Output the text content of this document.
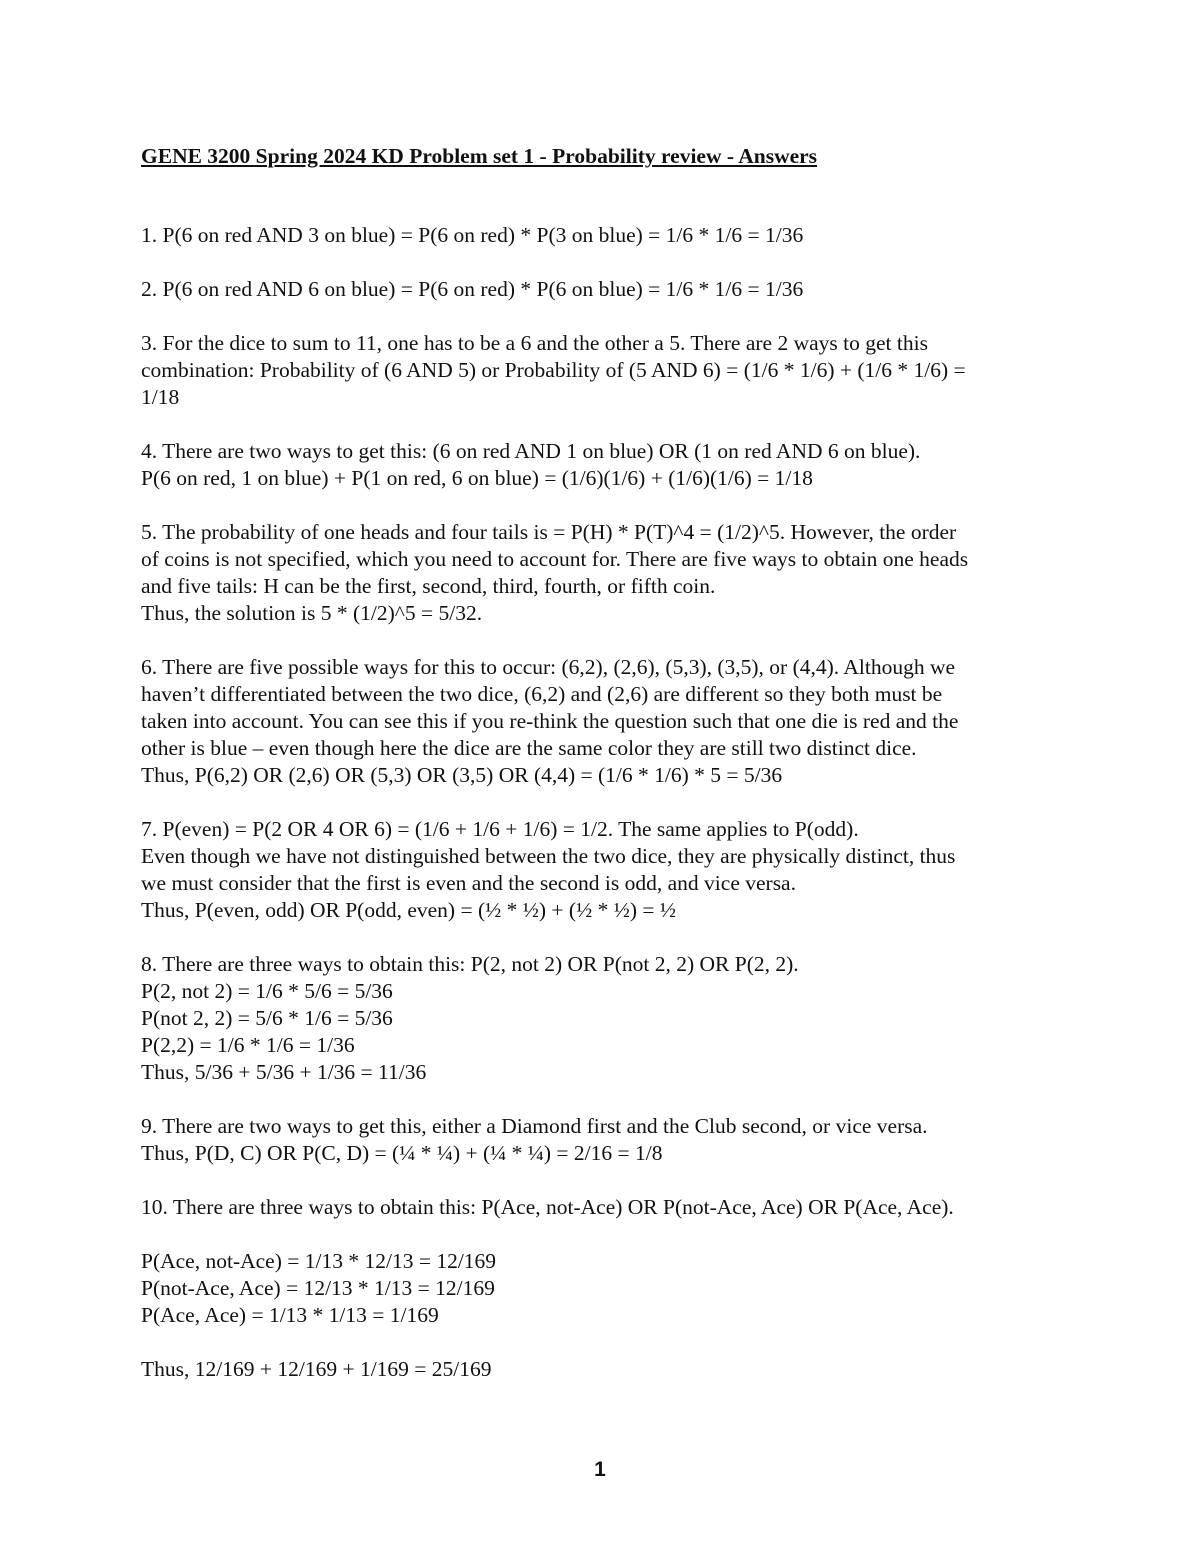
GENE 3200 Spring 2024 KD Problem set 1 - Probability review - Answers
1. P(6 on red AND 3 on blue) = P(6 on red) * P(3 on blue) = 1/6 * 1/6 = 1/36
2. P(6 on red AND 6 on blue) = P(6 on red) * P(6 on blue) = 1/6 * 1/6 = 1/36
3. For the dice to sum to 11, one has to be a 6 and the other a 5. There are 2 ways to get this
combination: Probability of (6 AND 5) or Probability of (5 AND 6) = (1/6 * 1/6) + (1/6 * 1/6) =
1/18
4. There are two ways to get this: (6 on red AND 1 on blue) OR (1 on red AND 6 on blue).
P(6 on red, 1 on blue) + P(1 on red, 6 on blue) = (1/6)(1/6) + (1/6)(1/6) = 1/18
5. The probability of one heads and four tails is = P(H) * P(T)^4 = (1/2)^5. However, the order
of coins is not specified, which you need to account for. There are five ways to obtain one heads
and five tails: H can be the first, second, third, fourth, or fifth coin.
Thus, the solution is 5 * (1/2)^5 = 5/32.
6. There are five possible ways for this to occur: (6,2), (2,6), (5,3), (3,5), or (4,4). Although we
haven’t differentiated between the two dice, (6,2) and (2,6) are different so they both must be
taken into account. You can see this if you re-think the question such that one die is red and the
other is blue – even though here the dice are the same color they are still two distinct dice.
Thus, P(6,2) OR (2,6) OR (5,3) OR (3,5) OR (4,4) = (1/6 * 1/6) * 5 = 5/36
7. P(even) = P(2 OR 4 OR 6) = (1/6 + 1/6 + 1/6) = 1/2. The same applies to P(odd).
Even though we have not distinguished between the two dice, they are physically distinct, thus
we must consider that the first is even and the second is odd, and vice versa.
Thus, P(even, odd) OR P(odd, even) = (½ * ½) + (½ * ½) = ½
8. There are three ways to obtain this: P(2, not 2) OR P(not 2, 2) OR P(2, 2).
P(2, not 2) = 1/6 * 5/6 = 5/36
P(not 2, 2) = 5/6 * 1/6 = 5/36
P(2,2) = 1/6 * 1/6 = 1/36
Thus, 5/36 + 5/36 + 1/36 = 11/36
9. There are two ways to get this, either a Diamond first and the Club second, or vice versa.
Thus, P(D, C) OR P(C, D) = (¼ * ¼) + (¼ * ¼) = 2/16 = 1/8
10. There are three ways to obtain this: P(Ace, not-Ace) OR P(not-Ace, Ace) OR P(Ace, Ace).
P(Ace, not-Ace) = 1/13 * 12/13 = 12/169
P(not-Ace, Ace) = 12/13 * 1/13 = 12/169
P(Ace, Ace) = 1/13 * 1/13 = 1/169
Thus, 12/169 + 12/169 + 1/169 = 25/169
1
